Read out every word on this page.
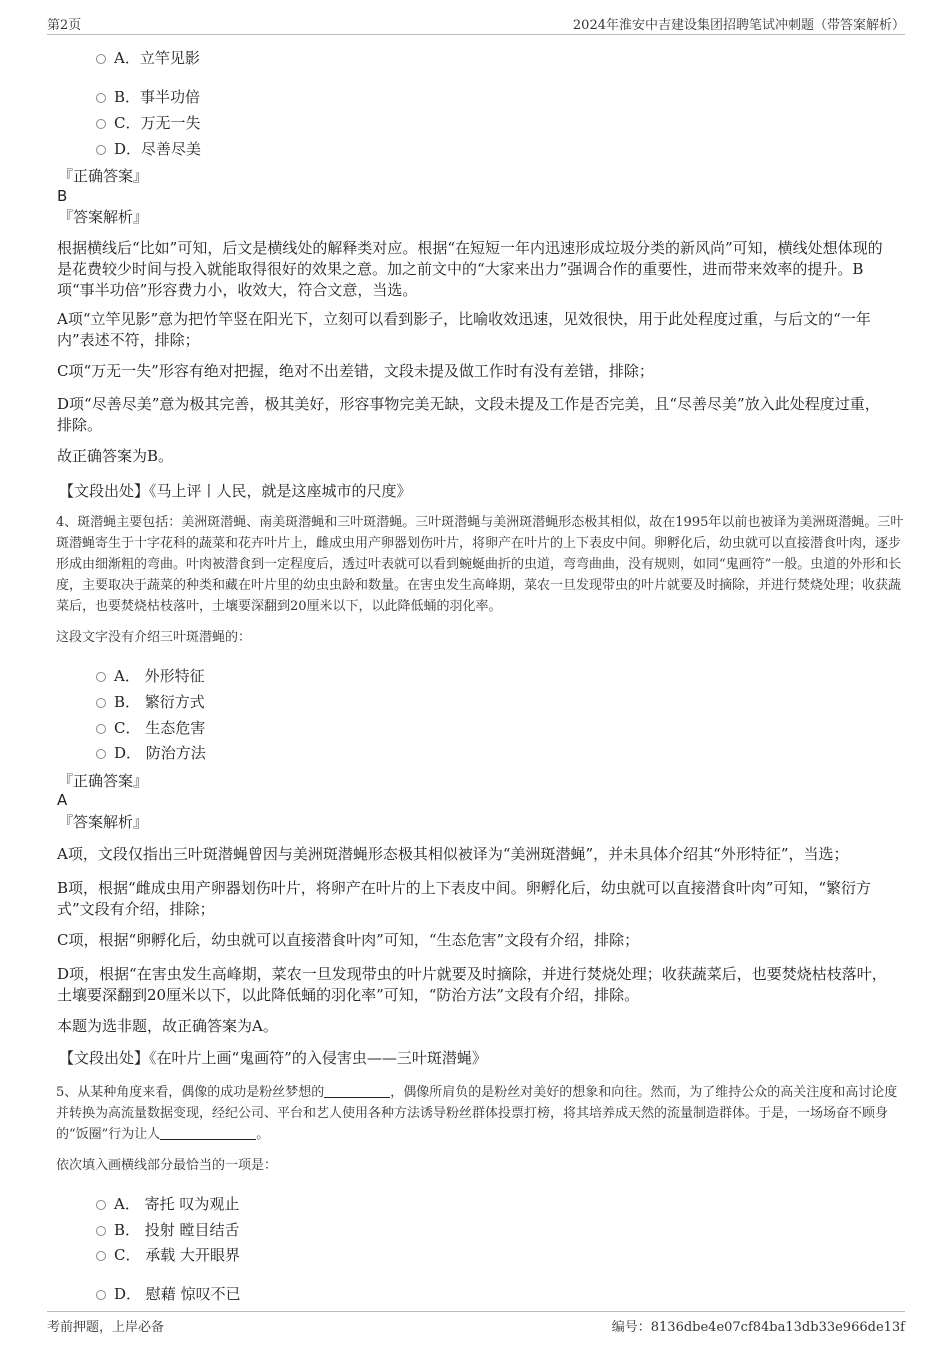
第2页	2024年淮安中吉建设集团招聘笔试冲刺题（带答案解析）
A．立竿见影
B．事半功倍
C．万无一失
D．尽善尽美
『正确答案』
B
『答案解析』
根据横线后“比如”可知，后文是横线处的解释类对应。根据“在短短一年内迅速形成垃圾分类的新风尚”可知，横线处想体现的是花费较少时间与投入就能取得很好的效果之意。加之前文中的“大家来出力”强调合作的重要性，进而带来效率的提升。B项“事半功倍”形容费力小，收效大，符合文意，当选。
A项“立竿见影”意为把竹竿竖在阳光下，立刻可以看到影子，比喻收效迅速，见效很快，用于此处程度过重，与后文的“一年内”表述不符，排除；
C项“万无一失”形容有绝对把握，绝对不出差错，文段未提及做工作时有没有差错，排除；
D项“尽善尽美”意为极其完善，极其美好，形容事物完美无缺，文段未提及工作是否完美，且“尽善尽美”放入此处程度过重，排除。
故正确答案为B。
【文段出处】《马上评丨人民，就是这座城市的尺度》
4、斑潜蝇主要包括：美洲斑潜蝇、南美斑潜蝇和三叶斑潜蝇。三叶斑潜蝇与美洲斑潜蝇形态极其相似，故在1995年以前也被译为美洲斑潜蝇。三叶斑潜蝇寄生于十字花科的蔬菜和花卉叶片上，雌成虫用产卵器划伤叶片，将卵产在叶片的上下表皮中间。卵孵化后，幼虫就可以直接潜食叶肉，逐步形成由细渐粗的弯曲。叶肉被潜食到一定程度后，透过叶表就可以看到蜿蜒曲折的虫道，弯弯曲曲，没有规则，如同“鬼画符”一般。虫道的外形和长度，主要取决于蔬菜的种类和藏在叶片里的幼虫虫龄和数量。在害虫发生高峰期，菜农一旦发现带虫的叶片就要及时摘除，并进行焚烧处理；收获蔬菜后，也要焚烧枯枝落叶，土壤要深翻到20厘米以下，以此降低蛹的羽化率。
这段文字没有介绍三叶斑潜蝇的：
A． 外形特征
B． 繁衍方式
C． 生态危害
D． 防治方法
『正确答案』
A
『答案解析』
A项，文段仅指出三叶斑潜蝇曾因与美洲斑潜蝇形态极其相似被译为“美洲斑潜蝇”，并未具体介绍其“外形特征”，当选；
B项，根据“雌成虫用产卵器划伤叶片，将卵产在叶片的上下表皮中间。卵孵化后，幼虫就可以直接潜食叶肉”可知，“繁衍方式”文段有介绍，排除；
C项，根据“卵孵化后，幼虫就可以直接潜食叶肉”可知，“生态危害”文段有介绍，排除；
D项，根据“在害虫发生高峰期，菜农一旦发现带虫的叶片就要及时摘除，并进行焚烧处理；收获蔬菜后，也要焚烧枯枝落叶，土壤要深翻到20厘米以下，以此降低蛹的羽化率”可知，“防治方法”文段有介绍，排除。
本题为选非题，故正确答案为A。
【文段出处】《在叶片上画“鬼画符”的入侵害虫——三叶斑潜蝇》
5、从某种角度来看，偶像的成功是粉丝梦想的	，偶像所肩负的是粉丝对美好的想象和向往。然而，为了维持公众的高关注度和高讨论度并转换为高流量数据变现，经纪公司、平台和艺人使用各种方法诱导粉丝群体投票打榜，将其培养成天然的流量制造群体。于是，一场场奋不顾身的“饭圈”行为让人	。
依次填入画横线部分最恰当的一项是：
A． 寄托 叹为观止
B． 投射 瞠目结舌
C． 承载 大开眼界
D． 慰藉 惊叹不已
考前押题，上岸必备	编号：8136dbe4e07cf84ba13db33e966de13f
